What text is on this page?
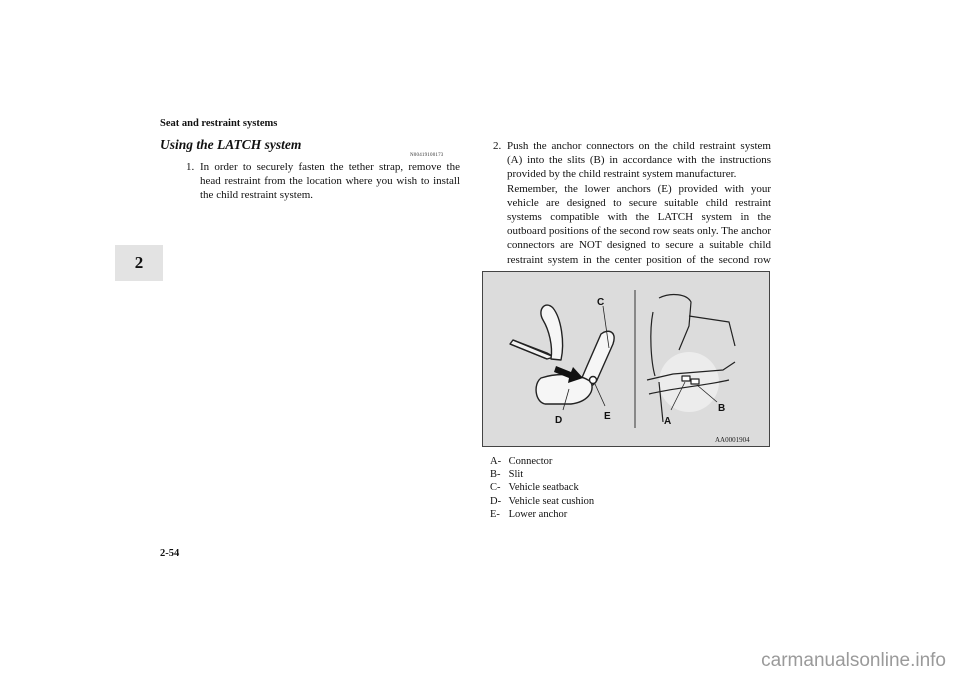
Seat and restraint systems
2
Using the LATCH system
N00419100173
1. In order to securely fasten the tether strap, remove the head restraint from the location where you wish to install the child restraint system.
2. Push the anchor connectors on the child restraint system (A) into the slits (B) in accordance with the instructions provided by the child restraint system manufacturer.
Remember, the lower anchors (E) provided with your vehicle are designed to secure suitable child restraint systems compatible with the LATCH system in the outboard positions of the second row seats only. The anchor connectors are NOT designed to secure a suitable child restraint system in the center position of the second row
C
D	E	A
B
AA0001904
A- Connector
B- Slit
C- Vehicle seatback
D- Vehicle seat cushion
E- Lower anchor
2-54
carmanualsonline.info
